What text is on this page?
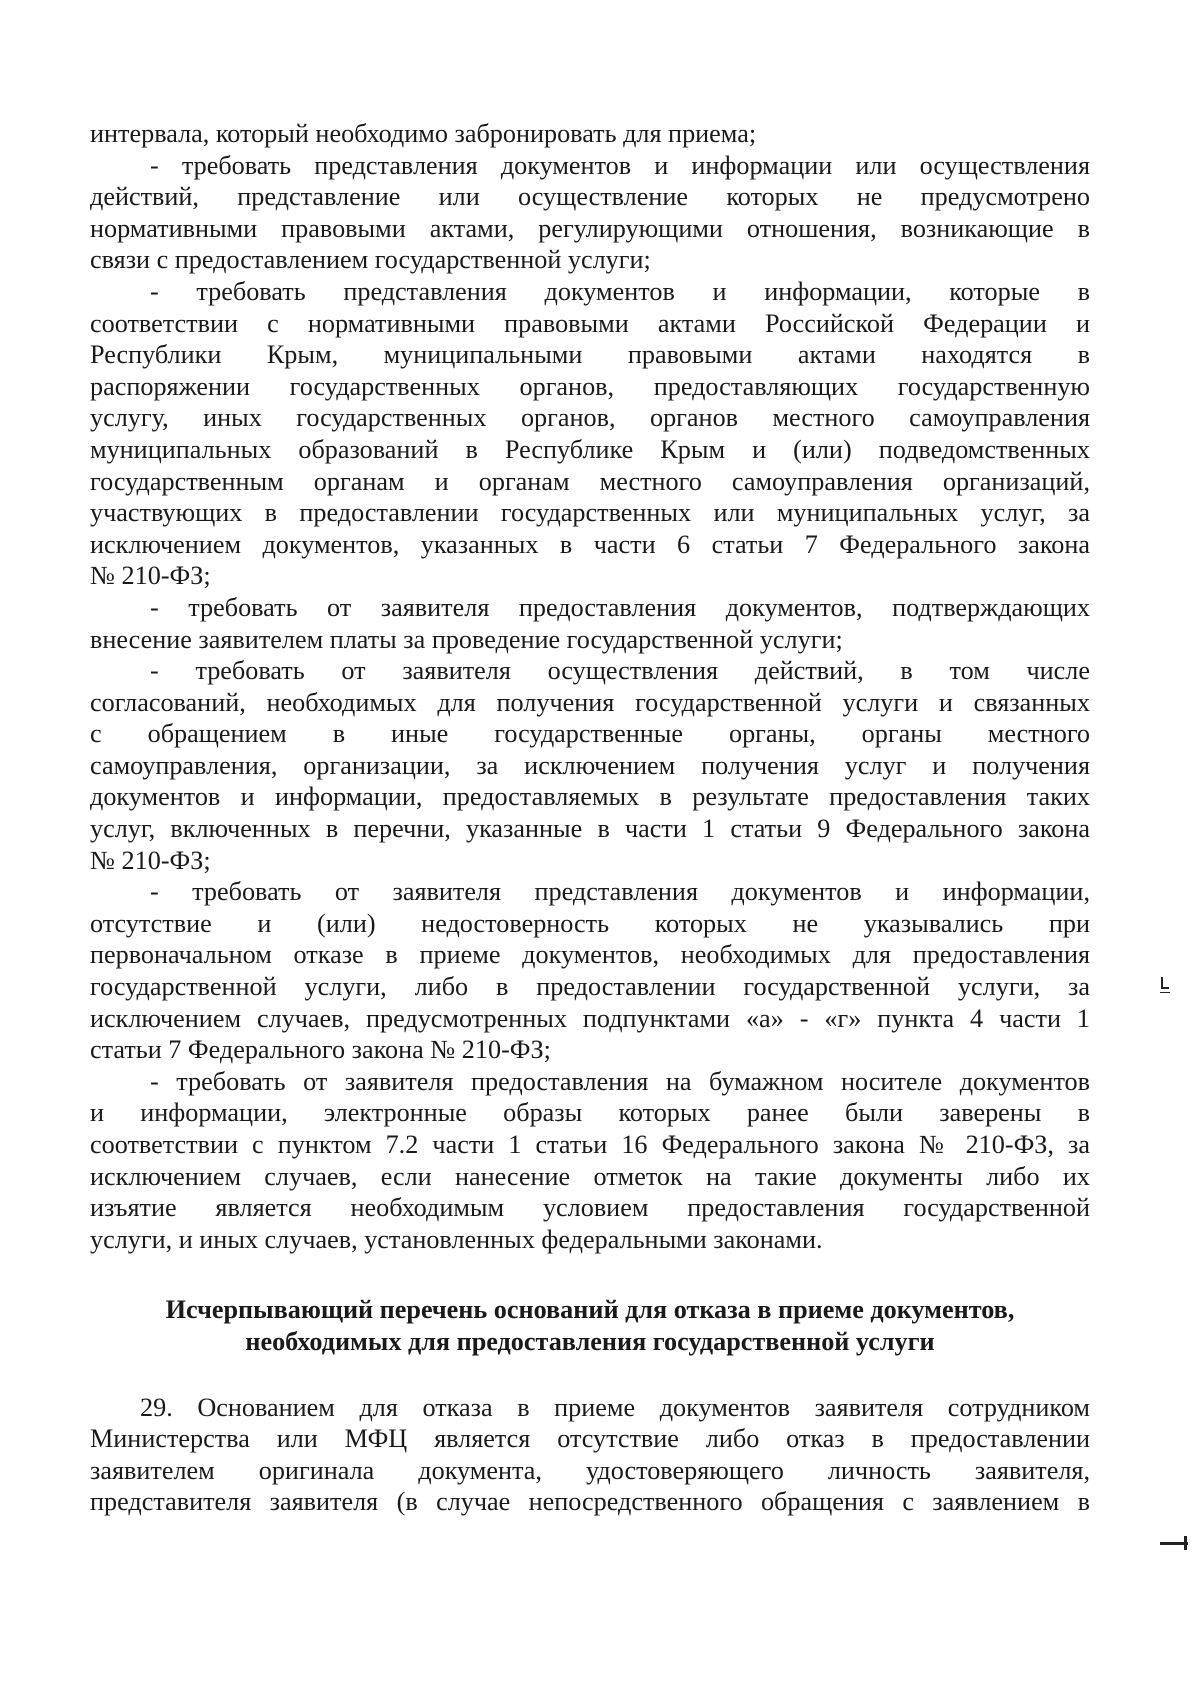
интервала, который необходимо забронировать для приема;
- требовать представления документов и информации или осуществления
действий, представление или осуществление которых не предусмотрено
нормативными правовыми актами, регулирующими отношения, возникающие в
связи с предоставлением государственной услуги;
- требовать представления документов и информации, которые в
соответствии с нормативными правовыми актами Российской Федерации и
Республики Крым, муниципальными правовыми актами находятся в
распоряжении государственных органов, предоставляющих государственную
услугу, иных государственных органов, органов местного самоуправления
муниципальных образований в Республике Крым и (или) подведомственных
государственным органам и органам местного самоуправления организаций,
участвующих в предоставлении государственных или муниципальных услуг, за
исключением документов, указанных в части 6 статьи 7 Федерального закона
№ 210-ФЗ;
- требовать от заявителя предоставления документов, подтверждающих
внесение заявителем платы за проведение государственной услуги;
- требовать от заявителя осуществления действий, в том числе
согласований, необходимых для получения государственной услуги и связанных
с обращением в иные государственные органы, органы местного
самоуправления, организации, за исключением получения услуг и получения
документов и информации, предоставляемых в результате предоставления таких
услуг, включенных в перечни, указанные в части 1 статьи 9 Федерального закона
№ 210-ФЗ;
- требовать от заявителя представления документов и информации,
отсутствие и (или) недостоверность которых не указывались при
первоначальном отказе в приеме документов, необходимых для предоставления
государственной услуги, либо в предоставлении государственной услуги, за
исключением случаев, предусмотренных подпунктами «а» - «г» пункта 4 части 1
статьи 7 Федерального закона № 210-ФЗ;
- требовать от заявителя предоставления на бумажном носителе документов
и информации, электронные образы которых ранее были заверены в
соответствии с пунктом 7.2 части 1 статьи 16 Федерального закона № 210-ФЗ, за
исключением случаев, если нанесение отметок на такие документы либо их
изъятие является необходимым условием предоставления государственной
услуги, и иных случаев, установленных федеральными законами.
Исчерпывающий перечень оснований для отказа в приеме документов,
необходимых для предоставления государственной услуги
29. Основанием для отказа в приеме документов заявителя сотрудником
Министерства или МФЦ является отсутствие либо отказ в предоставлении
заявителем оригинала документа, удостоверяющего личность заявителя,
представителя заявителя (в случае непосредственного обращения с заявлением в
